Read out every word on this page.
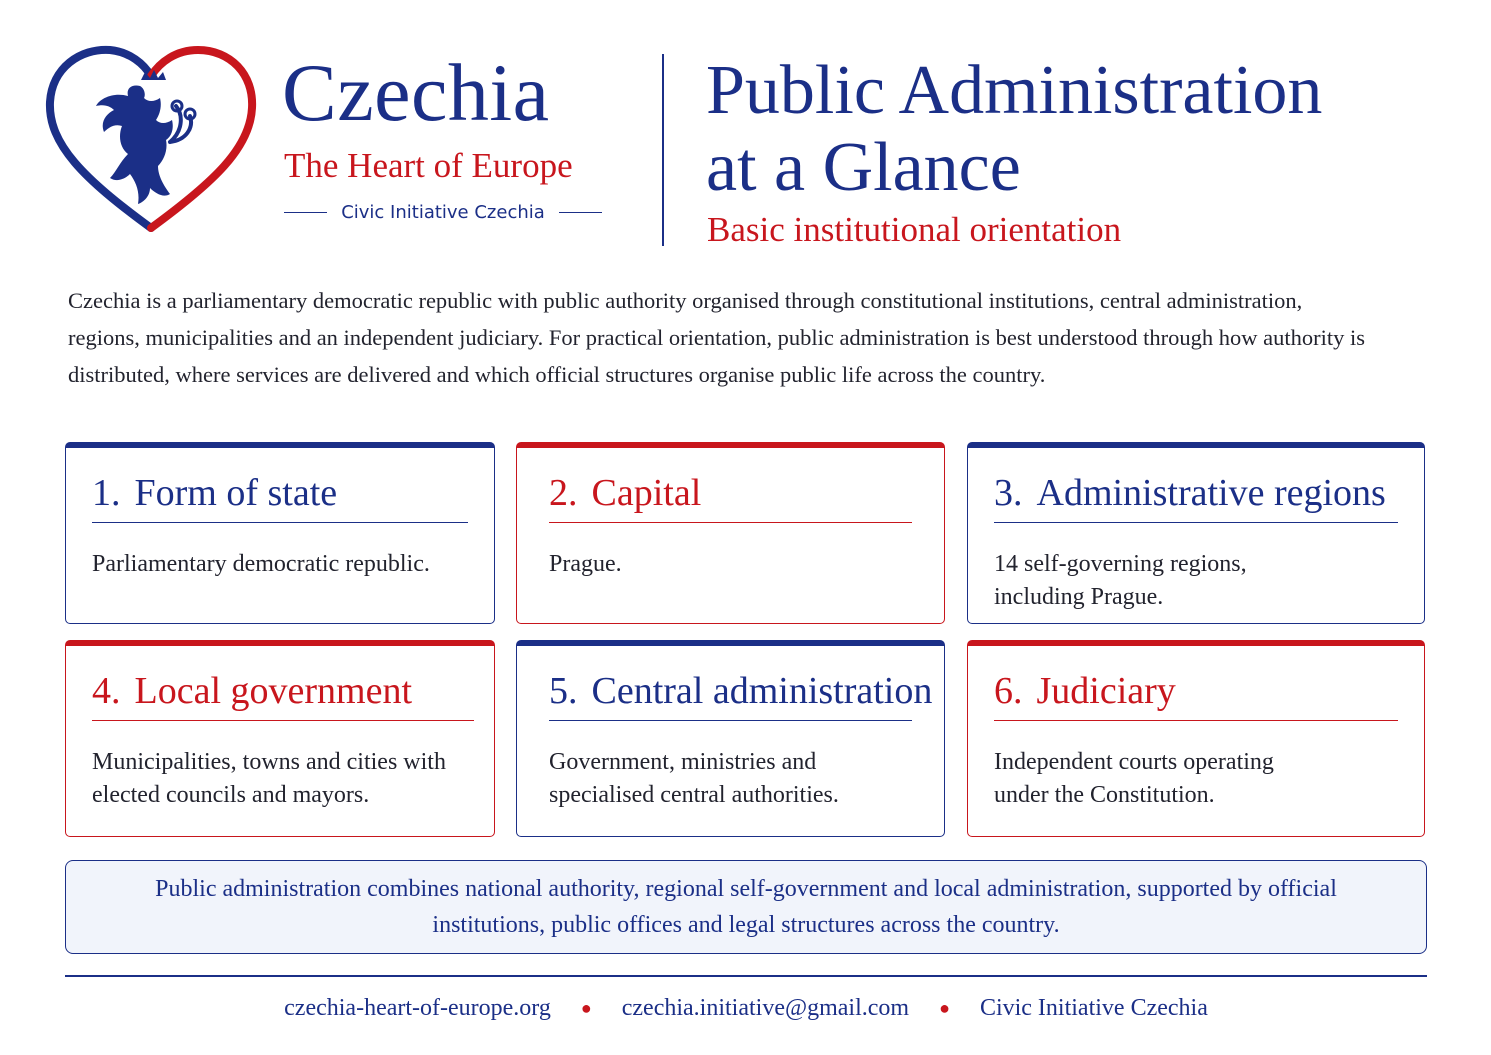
Czechia
The Heart of Europe
Civic Initiative Czechia
Public Administration
at a Glance
Basic institutional orientation

Czechia is a parliamentary democratic republic with public authority organised through constitutional institutions, central administration, regions, municipalities and an independent judiciary. For practical orientation, public administration is best understood through how authority is distributed, where services are delivered and which official structures organise public life across the country.

1. Form of state
Parliamentary democratic republic.
2. Capital
Prague.
3. Administrative regions
14 self-governing regions, including Prague.
4. Local government
Municipalities, towns and cities with elected councils and mayors.
5. Central administration
Government, ministries and specialised central authorities.
6. Judiciary
Independent courts operating under the Constitution.
Public administration combines national authority, regional self-government and local administration, supported by official institutions, public offices and legal structures across the country.
czechia-heart-of-europe.org ● czechia.initiative@gmail.com ● Civic Initiative Czechia
